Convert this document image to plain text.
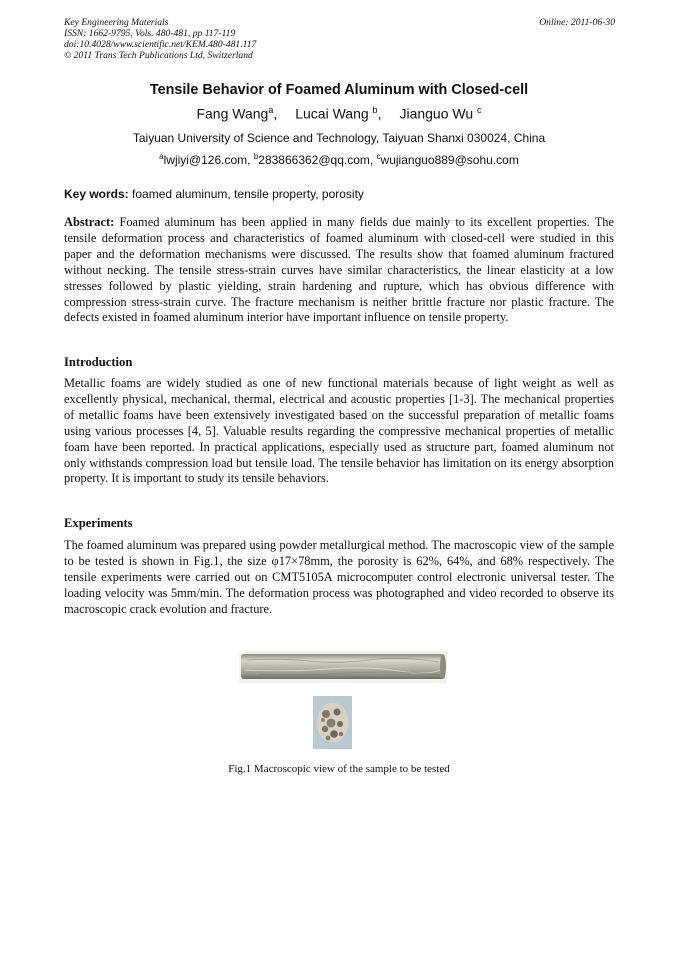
Key Engineering Materials
ISSN: 1662-9795, Vols. 480-481, pp 117-119
doi:10.4028/www.scientific.net/KEM.480-481.117
© 2011 Trans Tech Publications Ltd, Switzerland
Online: 2011-06-30
Tensile Behavior of Foamed Aluminum with Closed-cell
Fang Wang$^a$, Lucai Wang $^b$, Jianguo Wu $^c$
Taiyuan University of Science and Technology, Taiyuan Shanxi 030024, China
$^a$lwjiyi@126.com, $^b$283866362@qq.com, $^c$wujianguo889@sohu.com
Key words: foamed aluminum, tensile property, porosity
Abstract: Foamed aluminum has been applied in many fields due mainly to its excellent properties. The tensile deformation process and characteristics of foamed aluminum with closed-cell were studied in this paper and the deformation mechanisms were discussed. The results show that foamed aluminum fractured without necking. The tensile stress-strain curves have similar characteristics, the linear elasticity at a low stresses followed by plastic yielding, strain hardening and rupture, which has obvious difference with compression stress-strain curve. The fracture mechanism is neither brittle fracture nor plastic fracture. The defects existed in foamed aluminum interior have important influence on tensile property.
Introduction
Metallic foams are widely studied as one of new functional materials because of light weight as well as excellently physical, mechanical, thermal, electrical and acoustic properties [1-3]. The mechanical properties of metallic foams have been extensively investigated based on the successful preparation of metallic foams using various processes [4, 5]. Valuable results regarding the compressive mechanical properties of metallic foam have been reported. In practical applications, especially used as structure part, foamed aluminum not only withstands compression load but tensile load. The tensile behavior has limitation on its energy absorption property. It is important to study its tensile behaviors.
Experiments
The foamed aluminum was prepared using powder metallurgical method. The macroscopic view of the sample to be tested is shown in Fig.1, the size φ17×78mm, the porosity is 62%, 64%, and 68% respectively. The tensile experiments were carried out on CMT5105A microcomputer control electronic universal tester. The loading velocity was 5mm/min. The deformation process was photographed and video recorded to observe its macroscopic crack evolution and fracture.
Fig.1 Macroscopic view of the sample to be tested
